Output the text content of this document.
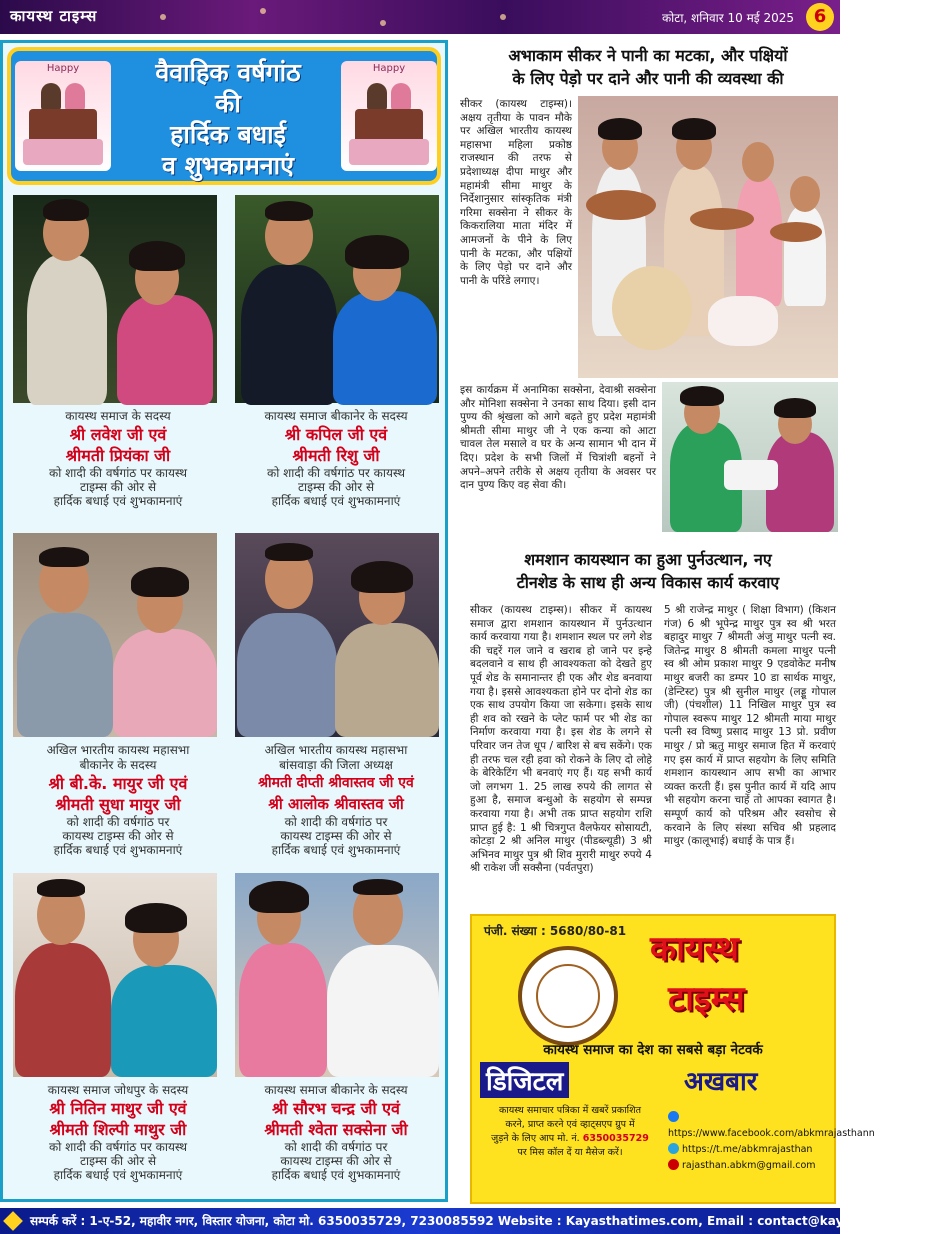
कायस्थ टाइम्स	कोटा, शनिवार 10 मई 2025	6
Happy	वैवाहिक वर्षगांठ
की
हार्दिक बधाई
व शुभकामनाएं
Happy
कायस्थ समाज के सदस्य
श्री लवेश जी एवं
श्रीमती प्रियंका जी
को शादी की वर्षगांठ पर कायस्थ
टाइम्स की ओर से
हार्दिक बधाई एवं शुभकामनाएं
कायस्थ समाज बीकानेर के सदस्य
श्री कपिल जी एवं
श्रीमती रिशु जी
को शादी की वर्षगांठ पर कायस्थ
टाइम्स की ओर से
हार्दिक बधाई एवं शुभकामनाएं
अखिल भारतीय कायस्थ महासभा बीकानेर के सदस्य
श्री बी.के. मायुर जी एवं
श्रीमती सुधा मायुर जी
को शादी की वर्षगांठ पर
कायस्थ टाइम्स की ओर से
हार्दिक बधाई एवं शुभकामनाएं
अखिल भारतीय कायस्थ महासभा बांसवाड़ा की जिला अध्यक्ष
श्रीमती दीप्ती श्रीवास्तव जी एवं
श्री आलोक श्रीवास्तव जी
को शादी की वर्षगांठ पर
कायस्थ टाइम्स की ओर से
हार्दिक बधाई एवं शुभकामनाएं
कायस्थ समाज जोधपुर के सदस्य
श्री नितिन माथुर जी एवं
श्रीमती शिल्पी माथुर जी
को शादी की वर्षगांठ पर कायस्थ
टाइम्स की ओर से
हार्दिक बधाई एवं शुभकामनाएं
कायस्थ समाज बीकानेर के सदस्य
श्री सौरभ चन्द्र जी एवं
श्रीमती श्वेता सक्सेना जी
को शादी की वर्षगांठ पर
कायस्थ टाइम्स की ओर से
हार्दिक बधाई एवं शुभकामनाएं
अभाकाम सीकर ने पानी का मटका, और पक्षियों
के लिए पेड़ो पर दाने और पानी की व्यवस्था की
सीकर (कायस्थ टाइम्स)। अक्षय तृतीया के पावन मौके पर अखिल भारतीय कायस्थ महासभा महिला प्रकोष्ठ राजस्थान की तरफ से प्रदेशाध्यक्ष दीपा माथुर और महामंत्री सीमा माथुर के निर्देशानुसार सांस्कृतिक मंत्री गरिमा सक्सेना ने सीकर के किकरालिया माता मंदिर में आमजनों के पीने के लिए पानी के मटका, और पक्षियों के लिए पेड़ो पर दाने और पानी के परिंडे लगाए।
इस कार्यक्रम में अनामिका सक्सेना, देवाश्री सक्सेना और मोनिशा सक्सेना ने उनका साथ दिया। इसी दान पुण्य की श्रृंखला को आगे बढ़ते हुए प्रदेश महामंत्री श्रीमती सीमा माथुर जी ने एक कन्या को आटा चावल तेल मसाले व घर के अन्य सामान भी दान में दिए। प्रदेश के सभी जिलों में चित्रांशी बहनों ने अपने–अपने तरीके से अक्षय तृतीया के अवसर पर दान पुण्य किए वह सेवा की।
शमशान कायस्थान का हुआ पुर्नउत्थान, नए
टीनशेड के साथ ही अन्य विकास कार्य करवाए
सीकर (कायस्थ टाइम्स)। सीकर में कायस्थ समाज द्वारा शमशान कायस्थान में पुर्नउत्थान कार्य करवाया गया है। शमशान स्थल पर लगे शेड की चद्दरें गल जाने व खराब हो जाने पर इन्हे बदलवाने व साथ ही आवश्यकता को देखते हुए पूर्व शेड के समानान्तर ही एक और शेड बनवाया गया है। इससे आवश्यकता होने पर दोनो शेड का एक साथ उपयोग किया जा सकेगा। इसके साथ ही शव को रखने के प्लेट फार्म पर भी शेड का निर्माण करवाया गया है। इस शेड के लगने से परिवार जन तेज धूप / बारिश से बच सकेंगे। एक ही तरफ चल रही हवा को रोकने के लिए दो लोहे के बेरिकेटिंग भी बनवाएं गए हैं। यह सभी कार्य जो लगभग 1. 25 लाख रुपये की लागत से हुआ है, समाज बन्धुओ के सहयोग से सम्पन्न करवाया गया है। अभी तक प्राप्त सहयोग राशि प्राप्त हुई है: 1 श्री चित्रगुप्त वैलफेयर सोसायटी, कोटड़ा 2 श्री अनिल माथुर (पीडब्ल्यूडी) 3 श्री अभिनव माथुर पुत्र श्री शिव मुरारी माथुर रुपये 4 श्री राकेश जी सक्सैना (पर्वतपुरा)
5 श्री राजेन्द्र माथुर ( शिक्षा विभाग) (किशन गंज) 6 श्री भूपेन्द्र माथुर पुत्र स्व श्री भरत बहादुर माथुर 7 श्रीमती अंजु माथुर पत्नी स्व. जितेन्द्र माथुर 8 श्रीमती कमला माथुर पत्नी स्व श्री ओम प्रकाश माथुर 9 एडवोकेट मनीष माथुर बजरी का डम्पर 10 डा सार्थक माथुर, (डेन्टिस्ट) पुत्र श्री सुनील माथुर (लड्डू गोपाल जी) (पंचशील) 11 निखिल माथुर पुत्र स्व गोपाल स्वरूप माथुर 12 श्रीमती माया माथुर पत्नी स्व विष्णु प्रसाद माथुर 13 प्रो. प्रवीण माथुर / प्रो ऋतु माथुर समाज हित में करवाएं गए इस कार्य में प्राप्त सहयोग के लिए समिति शमशान कायस्थान आप सभी का आभार व्यक्त करती हैं। इस पुनीत कार्य में यदि आप भी सहयोग करना चाहें तो आपका स्वागत है। सम्पूर्ण कार्य को परिश्रम और स्वसोच से करवाने के लिए संस्था सचिव श्री प्रहलाद माथुर (कालूभाई) बधाई के पात्र हैं।
पंजी. संख्या : 5680/80-81 कायस्थ
टाइम्स
कायस्थ समाज का देश का सबसे बड़ा नेटवर्क
डिजिटल	अखबार
कायस्थ समाचार पत्रिका में खबरें प्रकाशित
करने, प्राप्त करने एवं व्हाट्सएप ग्रुप में
जुड़ने के लिए आप मो. नं. 6350035729
पर मिस कॉल दें या मैसेज करें।
https://www.facebook.com/abkmrajasthann
https://t.me/abkmrajasthan
rajasthan.abkm@gmail.com
सम्पर्क करें : 1-ए-52, महावीर नगर, विस्तार योजना, कोटा मो. 6350035729, 7230085592 Website : Kayasthatimes.com, Email : contact@kayasthatimes.com
